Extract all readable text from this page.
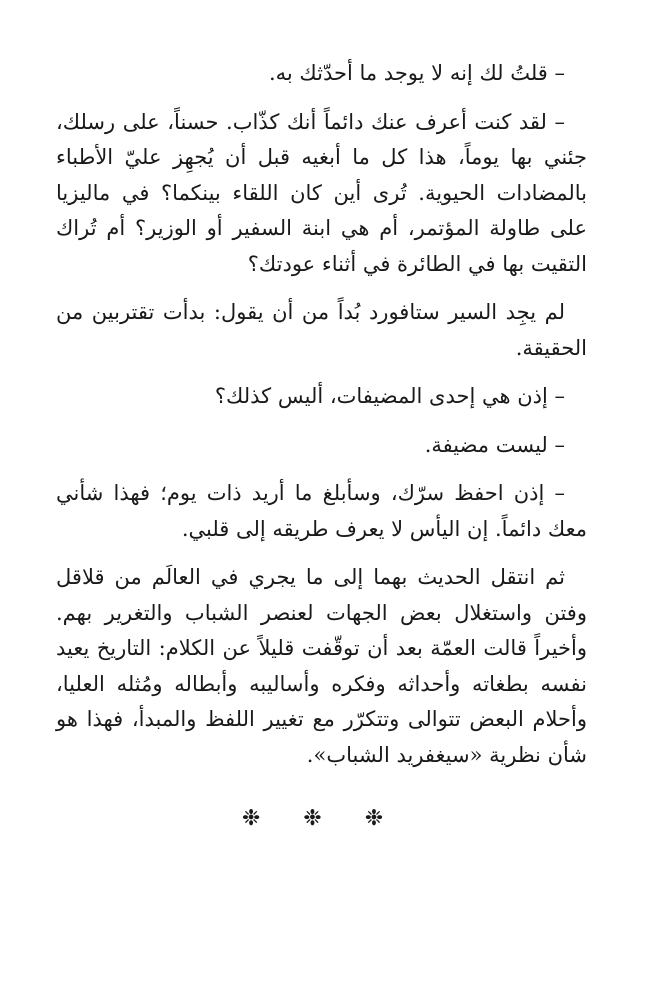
– قلتُ لك إنه لا يوجد ما أحدّثك به.

– لقد كنت أعرف عنك دائماً أنك كذّاب. حسناً، على رسلك، جئني بها يوماً، هذا كل ما أبغيه قبل أن يُجهِز عليّ الأطباء بالمضادات الحيوية. تُرى أين كان اللقاء بينكما؟ في ماليزيا على طاولة المؤتمر، أم هي ابنة السفير أو الوزير؟ أم تُراك التقيت بها في الطائرة في أثناء عودتك؟

لم يجِد السير ستافورد بُداً من أن يقول: بدأت تقتربين من الحقيقة.

– إذن هي إحدى المضيفات، أليس كذلك؟

– ليست مضيفة.

– إذن احفظ سرّك، وسأبلغ ما أريد ذات يوم؛ فهذا شأني معك دائماً. إن اليأس لا يعرف طريقه إلى قلبي.

ثم انتقل الحديث بهما إلى ما يجري في العالَم من قلاقل وفتن واستغلال بعض الجهات لعنصر الشباب والتغرير بهم. وأخيراً قالت العمّة بعد أن توقّفت قليلاً عن الكلام: التاريخ يعيد نفسه بطغاته وأحداثه وفكره وأساليبه وأبطاله ومُثله العليا، وأحلام البعض تتوالى وتتكرّر مع تغيير اللفظ والمبدأ، فهذا هو شأن نظرية «سيغفريد الشباب».

❉ ❉ ❉
